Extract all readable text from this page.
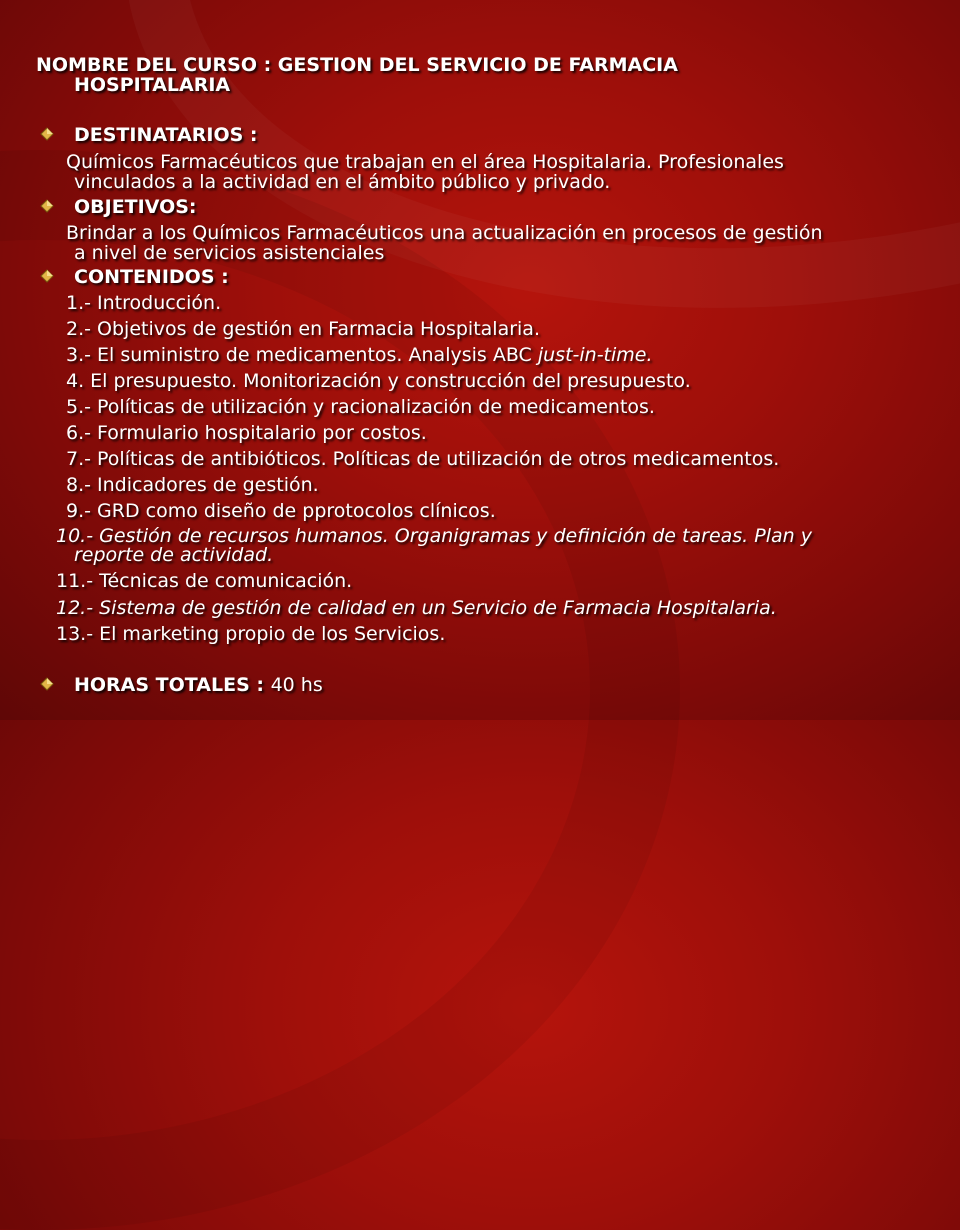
NOMBRE DEL CURSO : GESTION DEL SERVICIO DE FARMACIA
HOSPITALARIA
DESTINATARIOS :
Químicos Farmacéuticos que trabajan en el área Hospitalaria. Profesionales
vinculados a la actividad en el ámbito público y privado.
OBJETIVOS:
Brindar a los Químicos Farmacéuticos una actualización en procesos de gestión
a nivel de servicios asistenciales
CONTENIDOS :
1.- Introducción.
2.- Objetivos de gestión en Farmacia Hospitalaria.
3.- El suministro de medicamentos. Analysis ABC just-in-time.
4. El presupuesto. Monitorización y construcción del presupuesto.
5.- Políticas de utilización y racionalización de medicamentos.
6.- Formulario hospitalario por costos.
7.- Políticas de antibióticos. Políticas de utilización de otros medicamentos.
8.- Indicadores de gestión.
9.- GRD como diseño de pprotocolos clínicos.
10.- Gestión de recursos humanos. Organigramas y definición de tareas. Plan y
reporte de actividad.
11.- Técnicas de comunicación.
12.- Sistema de gestión de calidad en un Servicio de Farmacia Hospitalaria.
13.- El marketing propio de los Servicios.
HORAS TOTALES : 40 hs
